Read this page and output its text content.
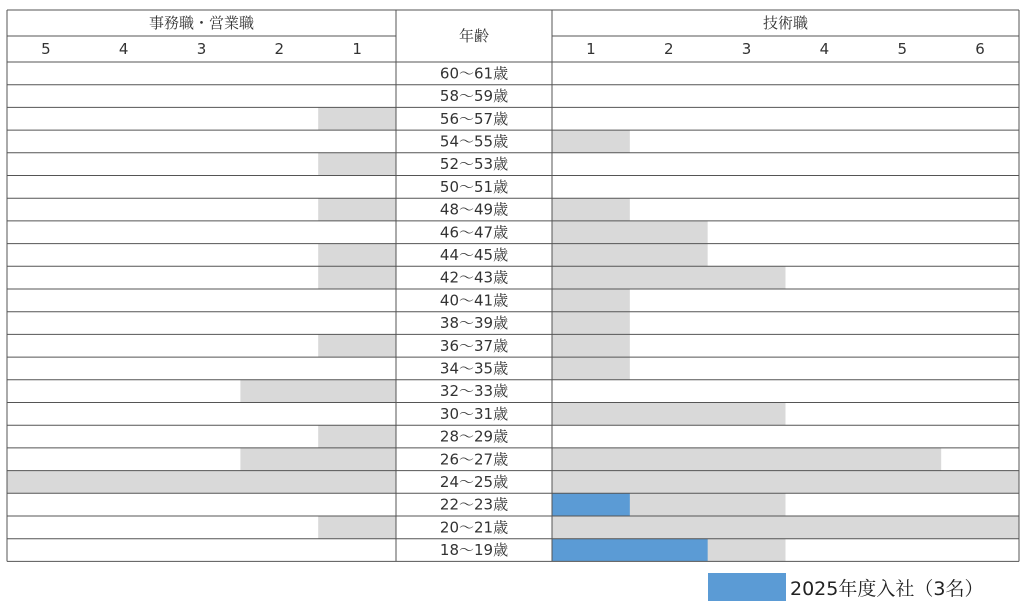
事務職・営業職	技術職
年齢
5	4	3	2	1	1	2	3	4	5	6
60〜61歳
58〜59歳
56〜57歳
54〜55歳
52〜53歳
50〜51歳
48〜49歳
46〜47歳
44〜45歳
42〜43歳
40〜41歳
38〜39歳
36〜37歳
34〜35歳
32〜33歳
30〜31歳
28〜29歳
26〜27歳
24〜25歳
22〜23歳
20〜21歳
18〜19歳
2025年度入社（3名）
